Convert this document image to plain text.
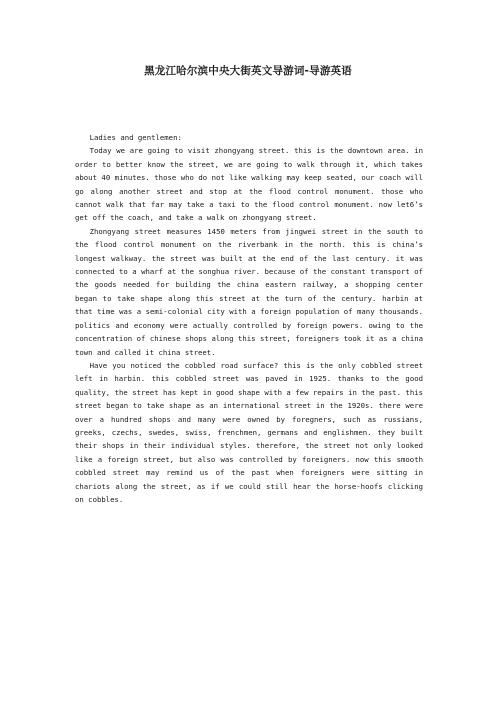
黑龙江哈尔滨中央大街英文导游词-导游英语

Ladies and gentlemen:

Today we are going to visit zhongyang street. this is the downtown area. in order to better know the street, we are going to walk through it, which takes about 40 minutes. those who do not like walking may keep seated, our coach will go along another street and stop at the flood control monument. those who cannot walk that far may take a taxi to the flood control monument. now let6’s get off the coach, and take a walk on zhongyang street.

Zhongyang street measures 1450 meters from jingwei street in the south to the flood control monument on the riverbank in the north. this is china’s longest walkway. the street was built at the end of the last century. it was connected to a wharf at the songhua river. because of the constant transport of the goods needed for building the china eastern railway, a shopping center began to take shape along this street at the turn of the century. harbin at that time was a semi-colonial city with a foreign population of many thousands. politics and economy were actually controlled by foreign powers. owing to the concentration of chinese shops along this street, foreigners took it as a china town and called it china street.

Have you noticed the cobbled road surface? this is the only cobbled street left in harbin. this cobbled street was paved in 1925. thanks to the good quality, the street has kept in good shape with a few repairs in the past. this street began to take shape as an international street in the 1920s. there were over a hundred shops and many were owned by foregners, such as russians, greeks, czechs, swedes, swiss, frenchmen, germans and englishmen. they built their shops in their individual styles. therefore, the street not only looked like a foreign street, but also was controlled by foreigners. now this smooth cobbled street may remind us of the past when foreigners were sitting in chariots along the street, as if we could still hear the horse-hoofs clicking on cobbles.
